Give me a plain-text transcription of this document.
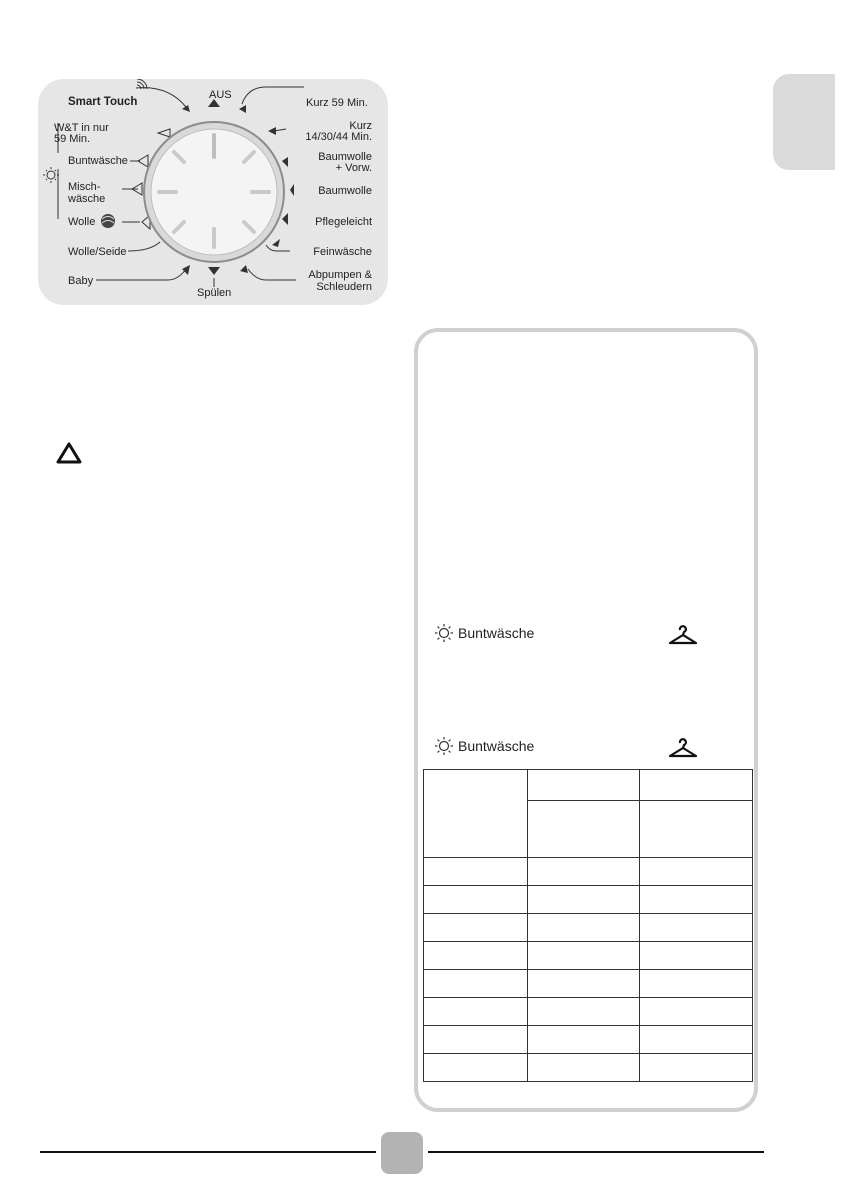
Smart Touch
AUS
Kurz 59 Min.
Kurz
14/30/44 Min.
W&T in nur
59 Min.
Buntwäsche
Misch-
wäsche
Wolle
Wolle/Seide
Baby
Spülen
Baumwolle
+ Vorw.
Baumwolle
Pflegeleicht
Feinwäsche
Abpumpen &
Schleudern
Buntwäsche
Buntwäsche
